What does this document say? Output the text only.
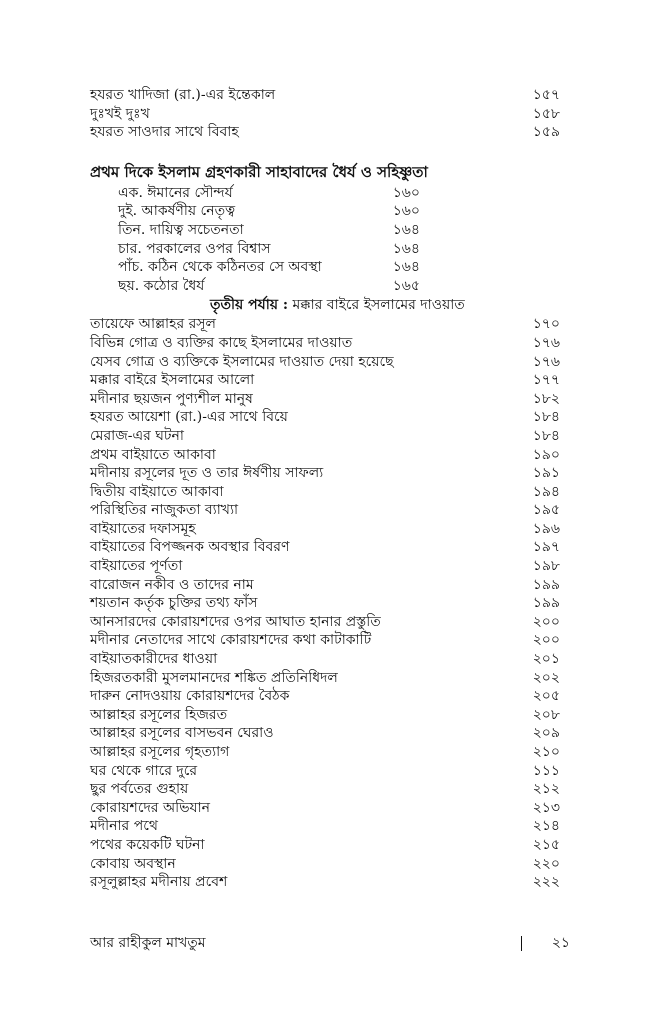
হযরত খাদিজা (রা.)-এর ইন্তেকাল	১৫৭
দুঃখই দুঃখ	১৫৮
হযরত সাওদার সাথে বিবাহ	১৫৯
প্রথম দিকে ইসলাম গ্রহণকারী সাহাবাদের ধৈর্য ও সহিষ্ণুতা
এক. ঈমানের সৌন্দর্য	১৬০
দুই. আকর্ষণীয় নেতৃত্ব	১৬০
তিন. দায়িত্ব সচেতনতা	১৬৪
চার. পরকালের ওপর বিশ্বাস	১৬৪
পাঁচ. কঠিন থেকে কঠিনতর সে অবস্থা	১৬৪
ছয়. কঠোর ধৈর্য	১৬৫
তৃতীয় পর্যায় : মক্কার বাইরে ইসলামের দাওয়াত
তায়েফে আল্লাহর রসূল	১৭০
বিভিন্ন গোত্র ও ব্যক্তির কাছে ইসলামের দাওয়াত	১৭৬
যেসব গোত্র ও ব্যক্তিকে ইসলামের দাওয়াত দেয়া হয়েছে	১৭৬
মক্কার বাইরে ইসলামের আলো	১৭৭
মদীনার ছয়জন পুণ্যশীল মানুষ	১৮২
হযরত আয়েশা (রা.)-এর সাথে বিয়ে	১৮৪
মেরাজ-এর ঘটনা	১৮৪
প্রথম বাইয়াতে আকাবা	১৯০
মদীনায় রসূলের দূত ও তার ঈর্ষণীয় সাফল্য	১৯১
দ্বিতীয় বাইয়াতে আকাবা	১৯৪
পরিস্থিতির নাজুকতা ব্যাখ্যা	১৯৫
বাইয়াতের দফাসমূহ	১৯৬
বাইয়াতের বিপজ্জনক অবস্থার বিবরণ	১৯৭
বাইয়াতের পূর্ণতা	১৯৮
বারোজন নকীব ও তাদের নাম	১৯৯
শয়তান কর্তৃক চুক্তির তথ্য ফাঁস	১৯৯
আনসারদের কোরায়শদের ওপর আঘাত হানার প্রস্তুতি	২০০
মদীনার নেতাদের সাথে কোরায়শদের কথা কাটাকাটি	২০০
বাইয়াতকারীদের ধাওয়া	২০১
হিজরতকারী মুসলমানদের শঙ্কিত প্রতিনিধিদল	২০২
দারুন নোদওয়ায় কোরায়শদের বৈঠক	২০৫
আল্লাহর রসূলের হিজরত	২০৮
আল্লাহর রসূলের বাসভবন ঘেরাও	২০৯
আল্লাহর রসূলের গৃহত্যাগ	২১০
ঘর থেকে গারে দুরে	১১১
ছুর পর্বতের গুহায়	২১২
কোরায়শদের অভিযান	২১৩
মদীনার পথে	২১৪
পথের কয়েকটি ঘটনা	২১৫
কোবায় অবস্থান	২২০
রসূলুল্লাহর মদীনায় প্রবেশ	২২২
আর রাহীকুল মাখতুম	২১
